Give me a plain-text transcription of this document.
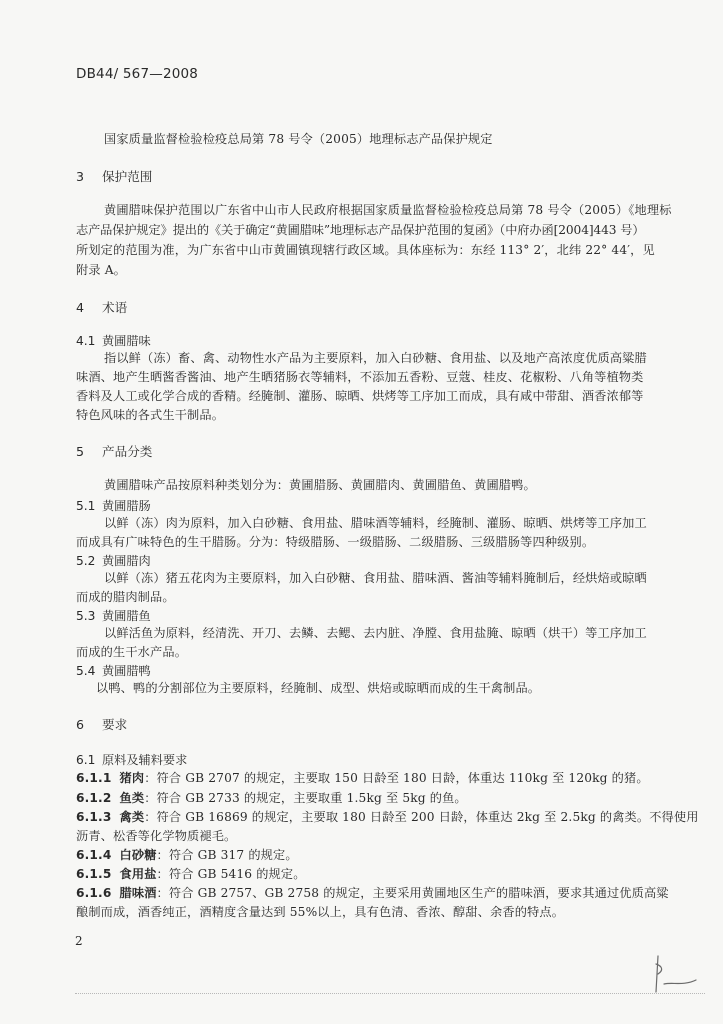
DB44/ 567—2008
国家质量监督检验检疫总局第 78 号令（2005）地理标志产品保护规定
3 保护范围
黄圃腊味保护范围以广东省中山市人民政府根据国家质量监督检验检疫总局第 78 号令（2005）《地理标
志产品保护规定》提出的《关于确定“黄圃腊味”地理标志产品保护范围的复函》（中府办函[2004]443 号）
所划定的范围为准，为广东省中山市黄圃镇现辖行政区域。具体座标为：东经 113° 2′，北纬 22° 44′，见
附录 A。
4 术语
4.1 黄圃腊味
指以鲜（冻）畜、禽、动物性水产品为主要原料，加入白砂糖、食用盐、以及地产高浓度优质高粱腊
味酒、地产生晒酱香酱油、地产生晒猪肠衣等辅料，不添加五香粉、豆蔻、桂皮、花椒粉、八角等植物类
香料及人工或化学合成的香精。经腌制、灌肠、晾晒、烘烤等工序加工而成，具有咸中带甜、酒香浓郁等
特色风味的各式生干制品。
5 产品分类
黄圃腊味产品按原料种类划分为：黄圃腊肠、黄圃腊肉、黄圃腊鱼、黄圃腊鸭。
5.1 黄圃腊肠
以鲜（冻）肉为原料，加入白砂糖、食用盐、腊味酒等辅料，经腌制、灌肠、晾晒、烘烤等工序加工
而成具有广味特色的生干腊肠。分为：特级腊肠、一级腊肠、二级腊肠、三级腊肠等四种级别。
5.2 黄圃腊肉
以鲜（冻）猪五花肉为主要原料，加入白砂糖、食用盐、腊味酒、酱油等辅料腌制后，经烘焙或晾晒
而成的腊肉制品。
5.3 黄圃腊鱼
以鲜活鱼为原料，经清洗、开刀、去鳞、去鳃、去内脏、净膛、食用盐腌、晾晒（烘干）等工序加工
而成的生干水产品。
5.4 黄圃腊鸭
以鸭、鸭的分割部位为主要原料，经腌制、成型、烘焙或晾晒而成的生干禽制品。
6 要求
6.1 原料及辅料要求
6.1.1 猪肉：符合 GB 2707 的规定，主要取 150 日龄至 180 日龄，体重达 110kg 至 120kg 的猪。
6.1.2 鱼类：符合 GB 2733 的规定，主要取重 1.5kg 至 5kg 的鱼。
6.1.3 禽类：符合 GB 16869 的规定，主要取 180 日龄至 200 日龄，体重达 2kg 至 2.5kg 的禽类。不得使用
沥青、松香等化学物质褪毛。
6.1.4 白砂糖：符合 GB 317 的规定。
6.1.5 食用盐：符合 GB 5416 的规定。
6.1.6 腊味酒：符合 GB 2757、GB 2758 的规定，主要采用黄圃地区生产的腊味酒，要求其通过优质高粱
酿制而成，酒香纯正，酒精度含量达到 55%以上，具有色清、香浓、醇甜、余香的特点。
2
